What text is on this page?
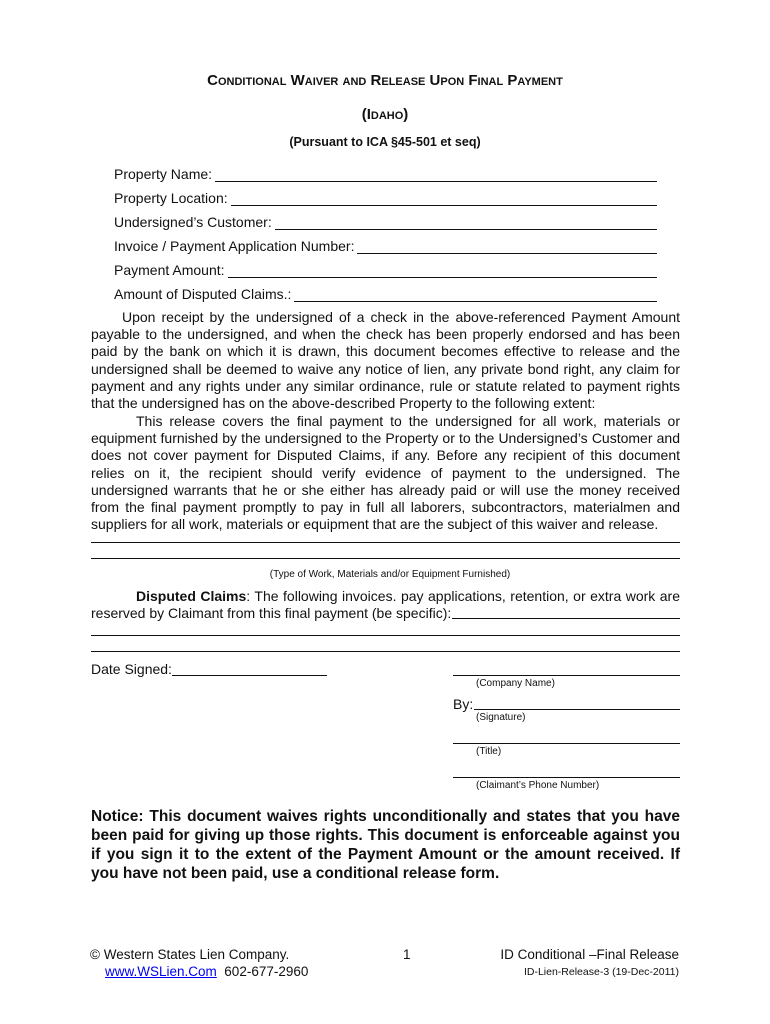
Conditional Waiver and Release Upon Final Payment
(Idaho)
(Pursuant to ICA §45-501 et seq)
Property Name:
Property Location:
Undersigned’s Customer:
Invoice / Payment Application Number:
Payment Amount:
Amount of Disputed Claims.:
Upon receipt by the undersigned of a check in the above-referenced Payment Amount payable to the undersigned, and when the check has been properly endorsed and has been paid by the bank on which it is drawn, this document becomes effective to release and the undersigned shall be deemed to waive any notice of lien, any private bond right, any claim for payment and any rights under any similar ordinance, rule or statute related to payment rights that the undersigned has on the above-described Property to the following extent:
This release covers the final payment to the undersigned for all work, materials or equipment furnished by the undersigned to the Property or to the Undersigned’s Customer and does not cover payment for Disputed Claims, if any. Before any recipient of this document relies on it, the recipient should verify evidence of payment to the undersigned. The undersigned warrants that he or she either has already paid or will use the money received from the final payment promptly to pay in full all laborers, subcontractors, materialmen and suppliers for all work, materials or equipment that are the subject of this waiver and release.
(Type of Work, Materials and/or Equipment Furnished)
Disputed Claims: The following invoices. pay applications, retention, or extra work are reserved by Claimant from this final payment (be specific):
Date Signed:
(Company Name)
By:
(Signature)
(Title)
(Claimant’s Phone Number)
Notice: This document waives rights unconditionally and states that you have been paid for giving up those rights. This document is enforceable against you if you sign it to the extent of the Payment Amount or the amount received. If you have not been paid, use a conditional release form.
© Western States Lien Company.
www.WSLien.Com 602-677-2960
1	ID Conditional –Final Release
ID-Lien-Release-3 (19-Dec-2011)
